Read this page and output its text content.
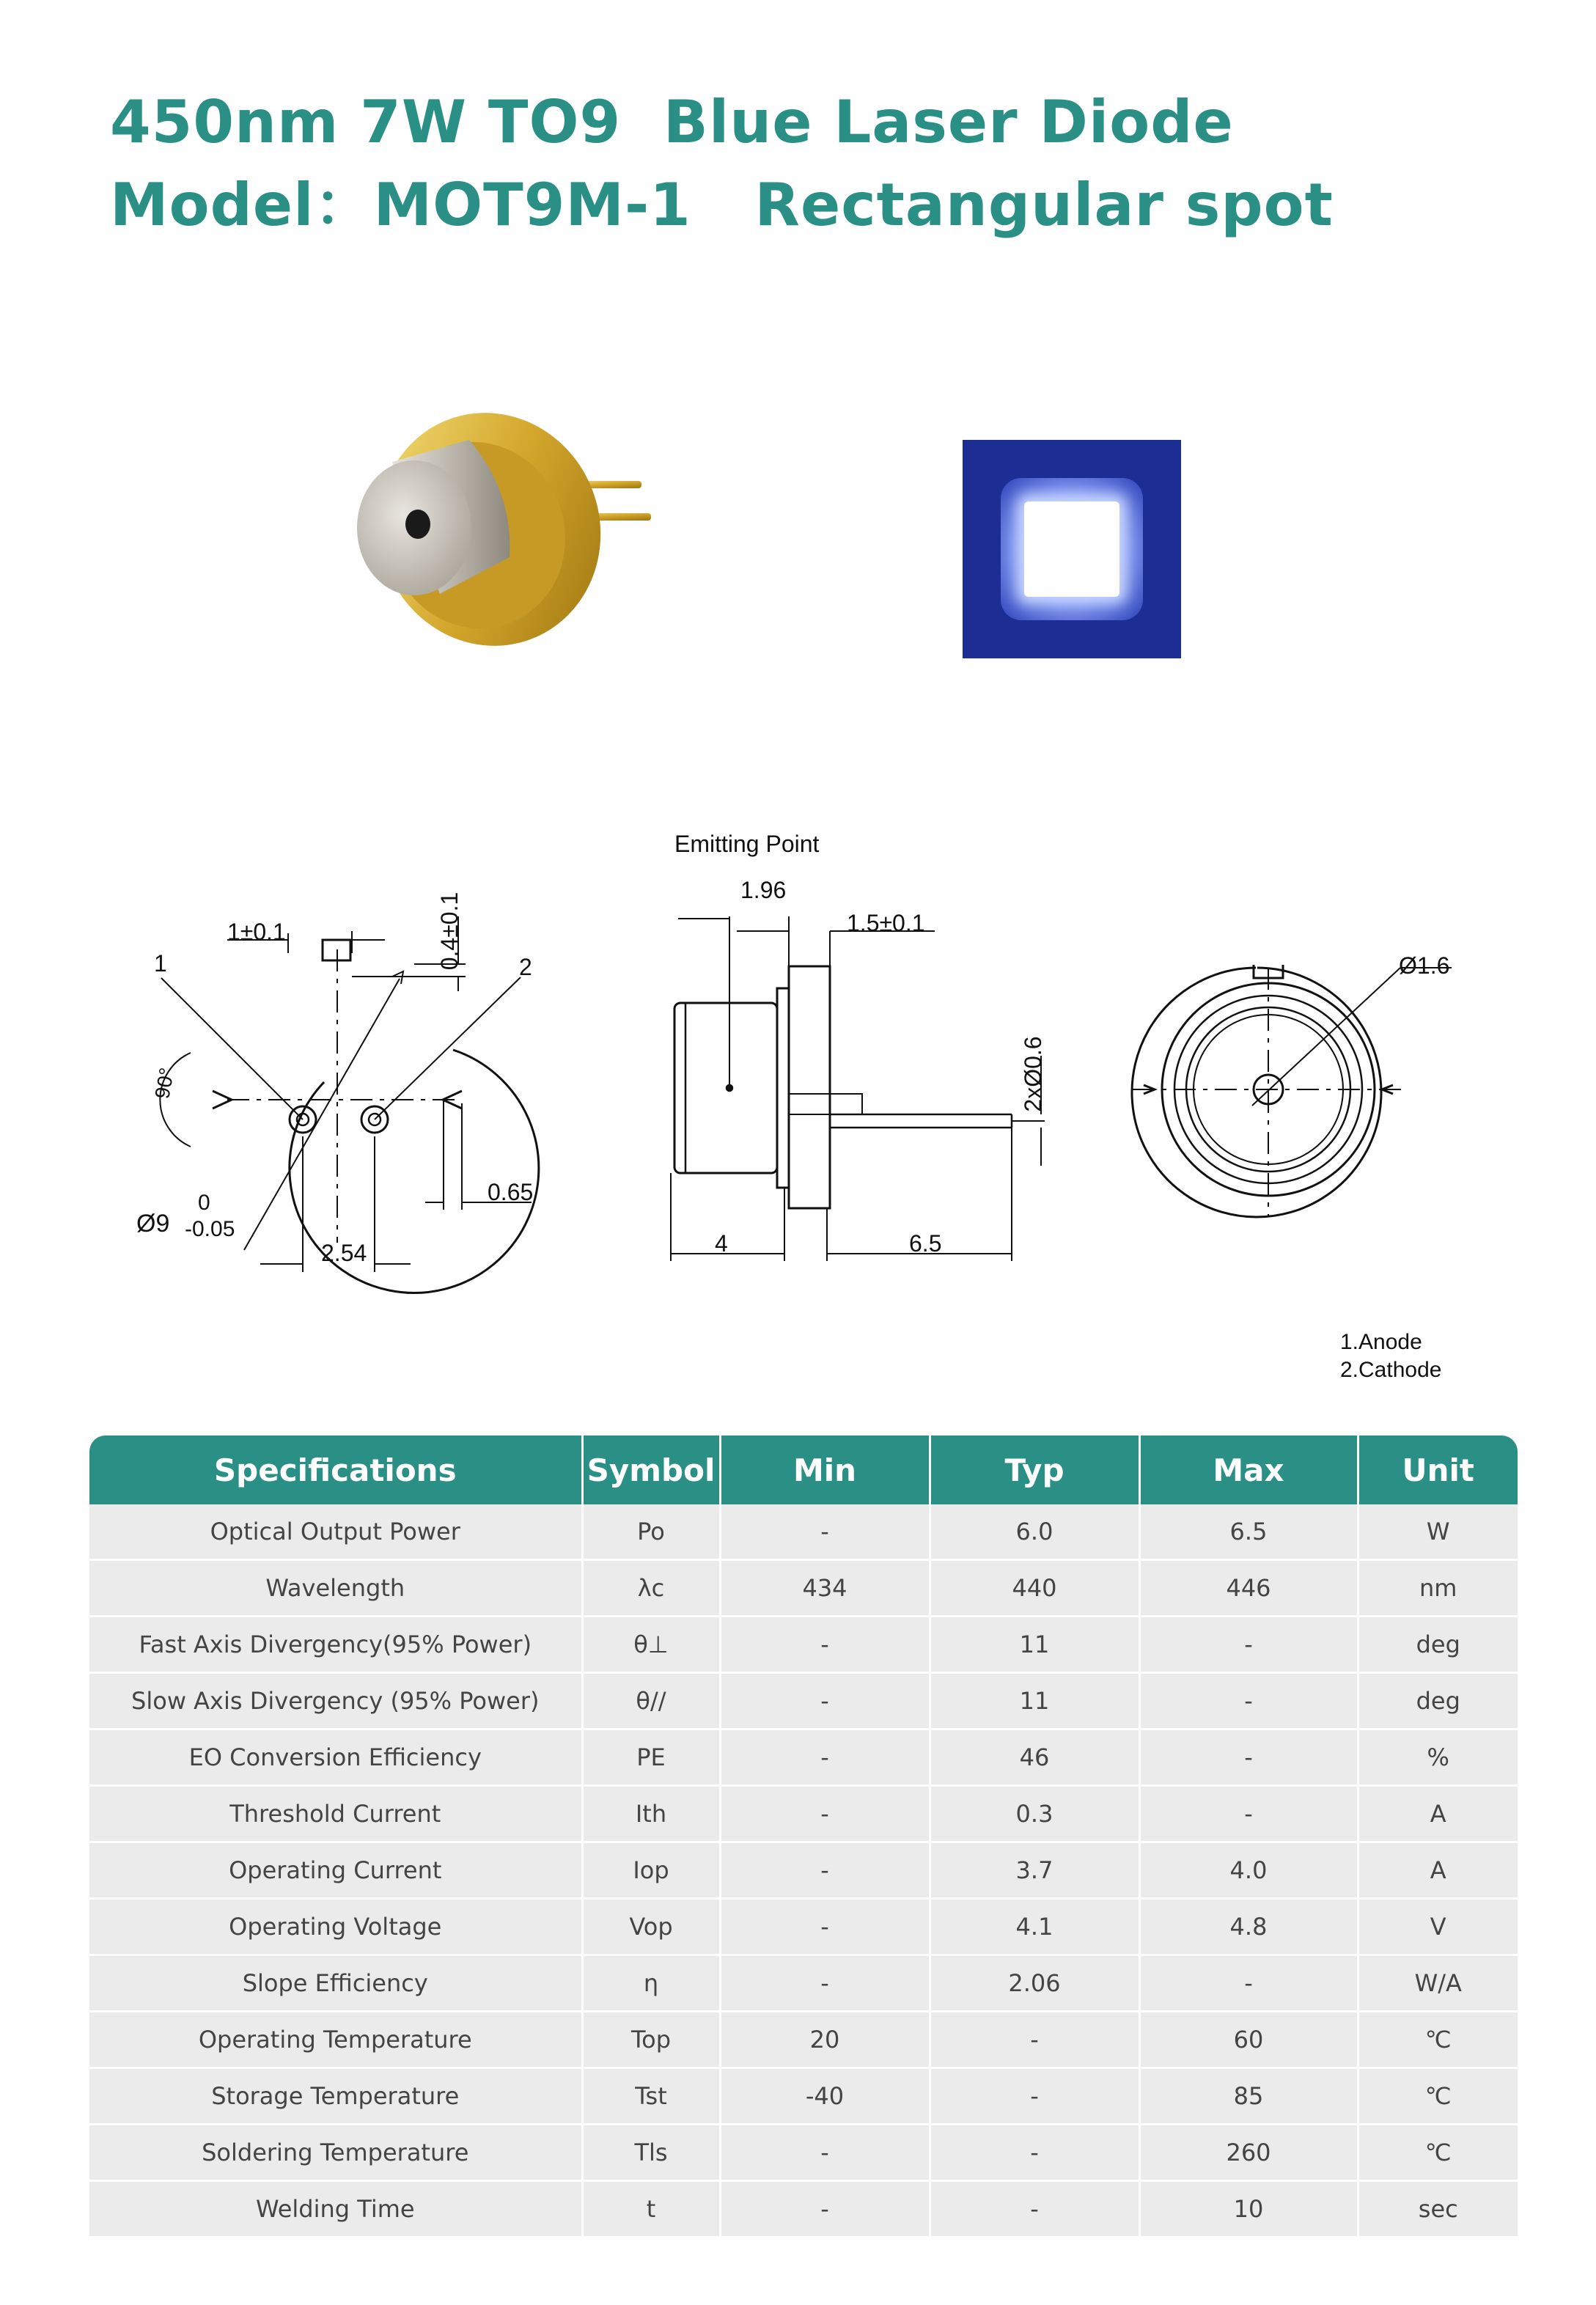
450nm 7W TO9  Blue Laser Diode
Model：MOT9M-1   Rectangular spot
1±0.1	0.4±0.1
1	2
90°
Ø9
0
-0.05
2.54
0.65
Emitting Point
1.96
1.5±0.1
2xØ0.6
4	6.5
Ø1.6
1.Anode
2.Cathode
Specifications	Symbol	Min	Typ	Max	Unit
Optical Output Power	Po	-	6.0	6.5	W
Wavelength	λc	434	440	446	nm
Fast Axis Divergency(95% Power)	θ⊥	-	11	-	deg
Slow Axis Divergency (95% Power)	θ//	-	11	-	deg
EO Conversion Efficiency	PE	-	46	-	%
Threshold Current	Ith	-	0.3	-	A
Operating Current	Iop	-	3.7	4.0	A
Operating Voltage	Vop	-	4.1	4.8	V
Slope Efficiency	η	-	2.06	-	W/A
Operating Temperature	Top	20	-	60	℃
Storage Temperature	Tst	-40	-	85	℃
Soldering Temperature	Tls	-	-	260	℃
Welding Time	t	-	-	10	sec
